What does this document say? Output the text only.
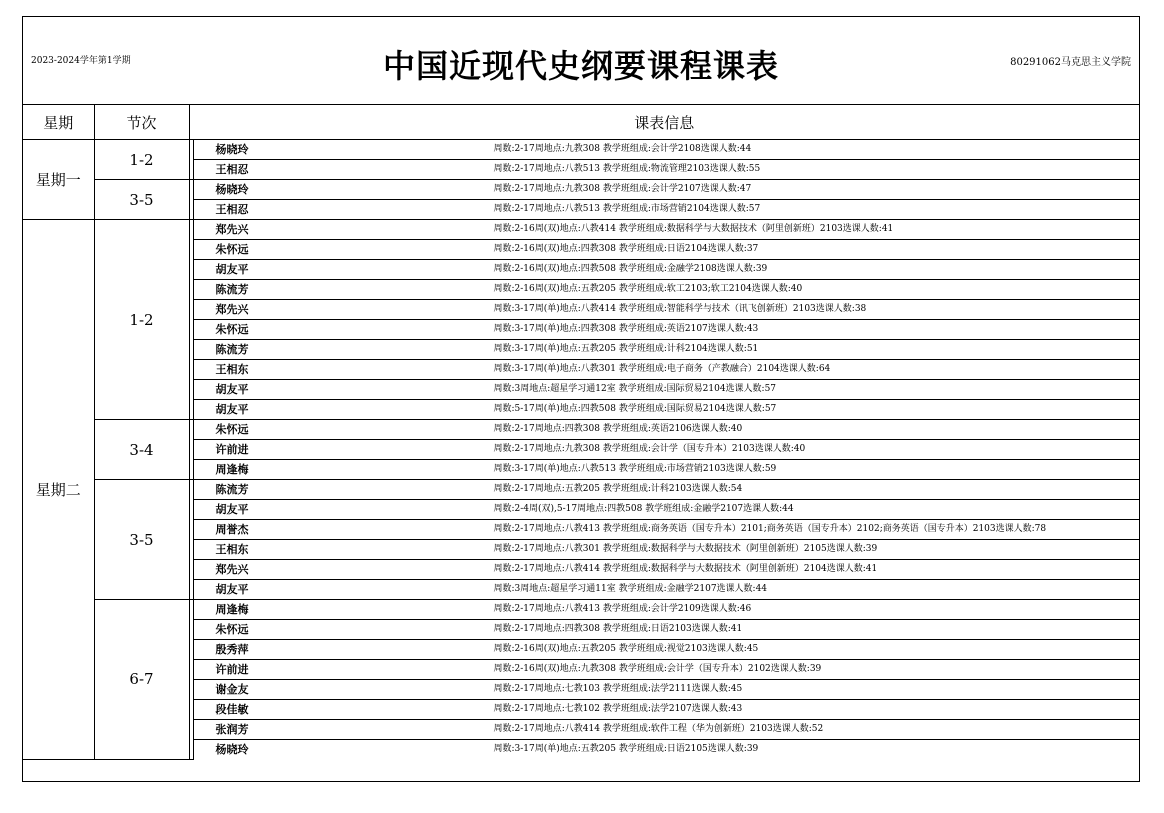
2023-2024学年第1学期	中国近现代史纲要课程课表	80291062马克思主义学院
星期	节次	课表信息	
星期一	1-2		杨晓玲 周数:2-17周地点:九教308 教学班组成:会计学2108选课人数:44

			王相忍 周数:2-17周地点:八教513 教学班组成:物流管理2103选课人数:55

	3-5		杨晓玲 周数:2-17周地点:九教308 教学班组成:会计学2107选课人数:47

			王相忍 周数:2-17周地点:八教513 教学班组成:市场营销2104选课人数:57

星期二	1-2		郑先兴 周数:2-16周(双)地点:八教414 教学班组成:数据科学与大数据技术（阿里创新班）2103选课人数:41

			朱怀远 周数:2-16周(双)地点:四教308 教学班组成:日语2104选课人数:37

			胡友平 周数:2-16周(双)地点:四教508 教学班组成:金融学2108选课人数:39

			陈流芳 周数:2-16周(双)地点:五教205 教学班组成:软工2103;软工2104选课人数:40

			郑先兴 周数:3-17周(单)地点:八教414 教学班组成:智能科学与技术（讯飞创新班）2103选课人数:38

			朱怀远 周数:3-17周(单)地点:四教308 教学班组成:英语2107选课人数:43

			陈流芳 周数:3-17周(单)地点:五教205 教学班组成:计科2104选课人数:51

			王相东 周数:3-17周(单)地点:八教301 教学班组成:电子商务（产教融合）2104选课人数:64

			胡友平 周数:3周地点:超星学习通12室 教学班组成:国际贸易2104选课人数:57

			胡友平 周数:5-17周(单)地点:四教508 教学班组成:国际贸易2104选课人数:57

	3-4		朱怀远 周数:2-17周地点:四教308 教学班组成:英语2106选课人数:40

			许前进 周数:2-17周地点:九教308 教学班组成:会计学（国专升本）2103选课人数:40

			周逢梅 周数:3-17周(单)地点:八教513 教学班组成:市场营销2103选课人数:59

	3-5		陈流芳 周数:2-17周地点:五教205 教学班组成:计科2103选课人数:54

			胡友平 周数:2-4周(双),5-17周地点:四教508 教学班组成:金融学2107选课人数:44

			周誉杰 周数:2-17周地点:八教413 教学班组成:商务英语（国专升本）2101;商务英语（国专升本）2102;商务英语（国专升本）2103选课人数:78

			王相东 周数:2-17周地点:八教301 教学班组成:数据科学与大数据技术（阿里创新班）2105选课人数:39

			郑先兴 周数:2-17周地点:八教414 教学班组成:数据科学与大数据技术（阿里创新班）2104选课人数:41

			胡友平 周数:3周地点:超星学习通11室 教学班组成:金融学2107选课人数:44

	6-7		周逢梅 周数:2-17周地点:八教413 教学班组成:会计学2109选课人数:46

			朱怀远 周数:2-17周地点:四教308 教学班组成:日语2103选课人数:41

			殷秀萍 周数:2-16周(双)地点:五教205 教学班组成:视觉2103选课人数:45

			许前进 周数:2-16周(双)地点:九教308 教学班组成:会计学（国专升本）2102选课人数:39

			谢金友 周数:2-17周地点:七教103 教学班组成:法学2111选课人数:45

			段佳敏 周数:2-17周地点:七教102 教学班组成:法学2107选课人数:43

			张润芳 周数:2-17周地点:八教414 教学班组成:软件工程（华为创新班）2103选课人数:52

			杨晓玲 周数:3-17周(单)地点:五教205 教学班组成:日语2105选课人数:39
